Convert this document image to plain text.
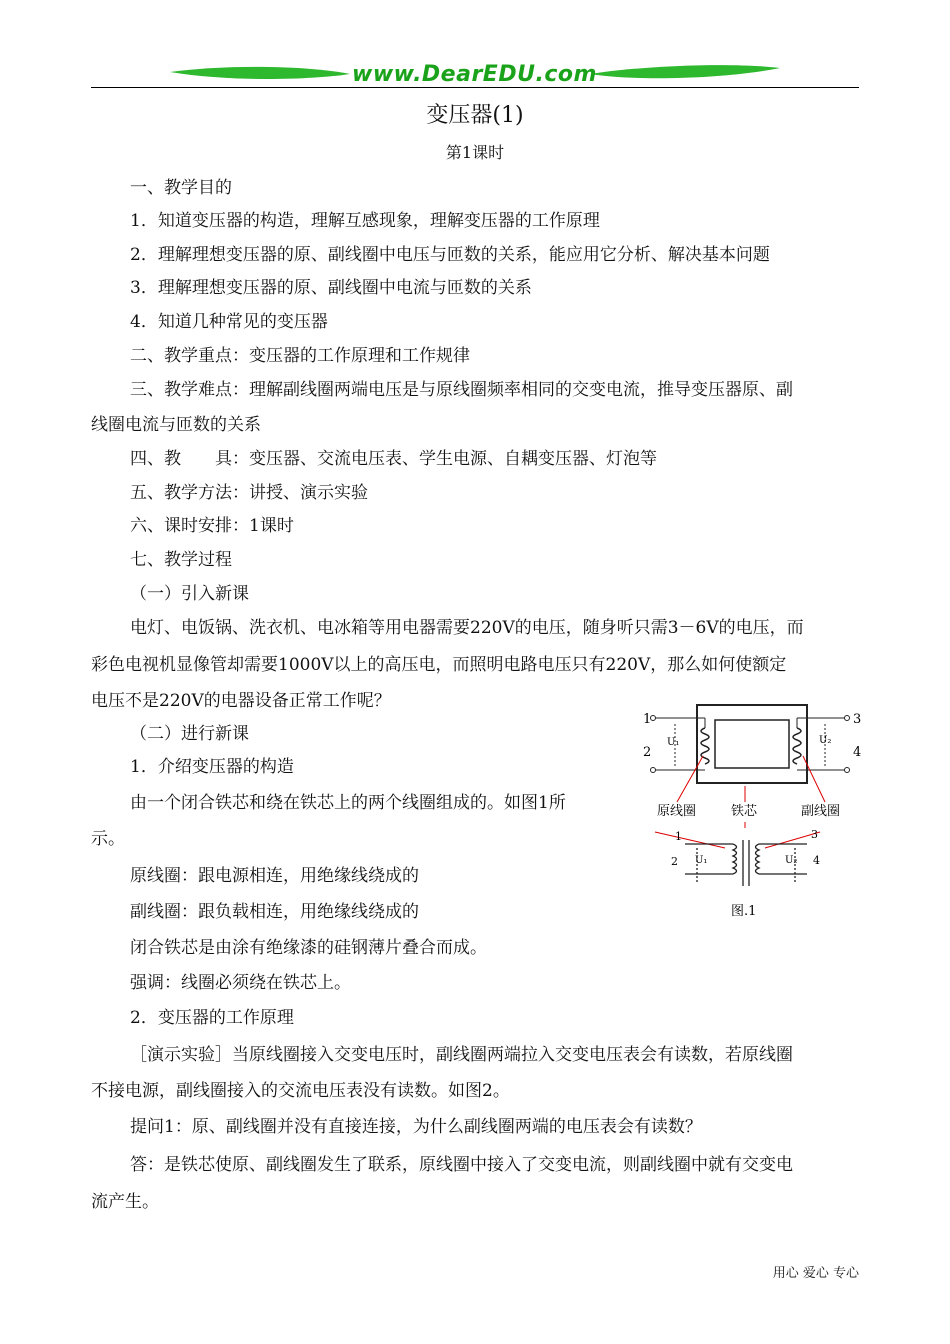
www.DearEDU.com
变压器(1)
第1课时
一、教学目的
1．知道变压器的构造，理解互感现象，理解变压器的工作原理
2．理解理想变压器的原、副线圈中电压与匝数的关系，能应用它分析、解决基本问题
3．理解理想变压器的原、副线圈中电流与匝数的关系
4．知道几种常见的变压器
二、教学重点：变压器的工作原理和工作规律
三、教学难点：理解副线圈两端电压是与原线圈频率相同的交变电流，推导变压器原、副
线圈电流与匝数的关系
四、教　　具：变压器、交流电压表、学生电源、自耦变压器、灯泡等
五、教学方法：讲授、演示实验
六、课时安排：1课时
七、教学过程
（一）引入新课
电灯、电饭锅、洗衣机、电冰箱等用电器需要220V的电压，随身听只需3－6V的电压，而
彩色电视机显像管却需要1000V以上的高压电，而照明电路电压只有220V，那么如何使额定
电压不是220V的电器设备正常工作呢？
（二）进行新课
1．介绍变压器的构造
由一个闭合铁芯和绕在铁芯上的两个线圈组成的。如图1所
示。
原线圈：跟电源相连，用绝缘线绕成的
副线圈：跟负载相连，用绝缘线绕成的
闭合铁芯是由涂有绝缘漆的硅钢薄片叠合而成。
强调：线圈必须绕在铁芯上。
2．变压器的工作原理
［演示实验］当原线圈接入交变电压时，副线圈两端拉入交变电压表会有读数，若原线圈
不接电源，副线圈接入的交流电压表没有读数。如图2。
提问1：原、副线圈并没有直接连接，为什么副线圈两端的电压表会有读数？
答：是铁芯使原、副线圈发生了联系，原线圈中接入了交变电流，则副线圈中就有交变电
流产生。
1
2
3
4
U₁	U₂
原线圈	铁芯	副线圈
1
2
3
4
U₁	U₂
图.1
用心 爱心 专心
